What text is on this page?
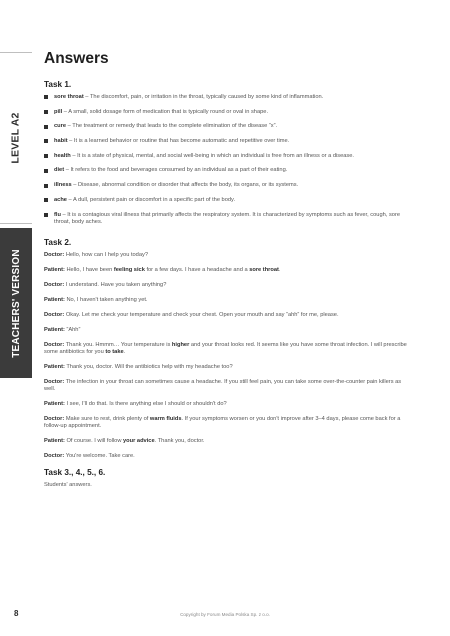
LEVEL A2
TEACHERS' VERSION
Answers
Task 1.
sore throat – The discomfort, pain, or irritation in the throat, typically caused by some kind of inflammation.
pill – A small, solid dosage form of medication that is typically round or oval in shape.
cure – The treatment or remedy that leads to the complete elimination of the disease “x”.
habit – It is a learned behavior or routine that has become automatic and repetitive over time.
health – It is a state of physical, mental, and social well-being in which an individual is free from an illness or a disease.
diet – It refers to the food and beverages consumed by an individual as a part of their eating.
illness – Disease, abnormal condition or disorder that affects the body, its organs, or its systems.
ache – A dull, persistent pain or discomfort in a specific part of the body.
flu – It is a contagious viral illness that primarily affects the respiratory system. It is characterized by symptoms such as fever, cough, sore throat, body aches.
Task 2.

Doctor: Hello, how can I help you today?

Patient: Hello, I have been feeling sick for a few days. I have a headache and a sore throat.

Doctor: I understand. Have you taken anything?

Patient: No, I haven't taken anything yet.

Doctor: Okay. Let me check your temperature and check your chest. Open your mouth and say “ahh” for me, please.

Patient: “Ahh”

Doctor: Thank you. Hmmm… Your temperature is higher and your throat looks red. It seems like you have some throat infection. I will prescribe some antibiotics for you to take.

Patient: Thank you, doctor. Will the antibiotics help with my headache too?

Doctor: The infection in your throat can sometimes cause a headache. If you still feel pain, you can take some over-the-counter pain killers as well.

Patient: I see, I'll do that. Is there anything else I should or shouldn't do?

Doctor: Make sure to rest, drink plenty of warm fluids. If your symptoms worsen or you don't improve after 3–4 days, please come back for a follow-up appointment.

Patient: Of course. I will follow your advice. Thank you, doctor.

Doctor: You're welcome. Take care.

Task 3., 4., 5., 6.

Students' answers.

8	Copyright by Forum Media Polska Sp. z o.o.
